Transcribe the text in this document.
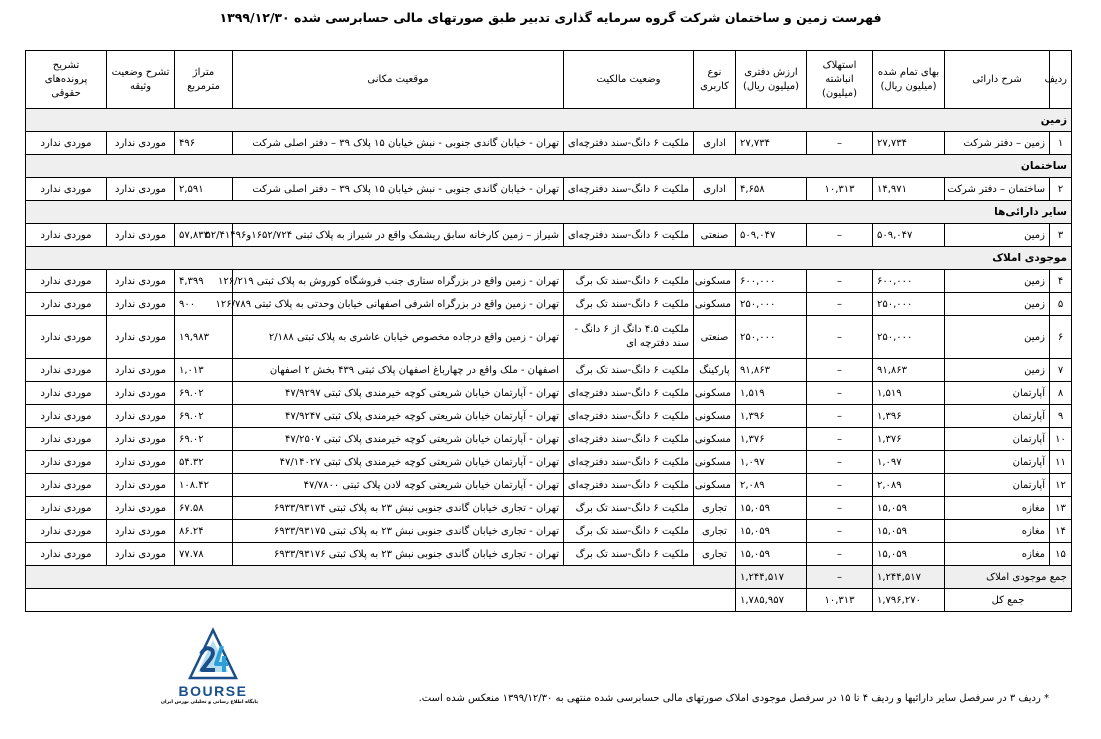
فهرست زمین و ساختمان شرکت گروه سرمایه گذاری تدبیر طبق صورتهای مالی حسابرسی شده ۱۳۹۹/۱۲/۳۰
ردیف	شرح دارائی	بهای تمام شده (میلیون ریال)	استهلاک انباشته (میلیون)	ارزش دفتری (میلیون ریال)	نوع کاربری	وضعیت مالکیت	موقعیت مکانی	متراژ مترمربع	تشرح وضعیت وثیقه	تشریح پرونده‌های حقوقی
زمین										
۱	زمین – دفتر شرکت	۲۷,۷۳۴	–	۲۷,۷۳۴	اداری	ملکیت ۶ دانگ-سند دفترچه‌ای	تهران - خیابان گاندی جنوبی - نبش خیابان ۱۵ پلاک ۳۹ – دفتر اصلی شرکت	۴۹۶	موردی ندارد	موردی ندارد
ساختمان										
۲	ساختمان – دفتر شرکت	۱۴,۹۷۱	۱۰,۳۱۳	۴,۶۵۸	اداری	ملکیت ۶ دانگ-سند دفترچه‌ای	تهران - خیابان گاندی جنوبی - نبش خیابان ۱۵ پلاک ۳۹ – دفتر اصلی شرکت	۲,۵۹۱	موردی ندارد	موردی ندارد
سایر دارائی‌ها										
۳	زمین	۵۰۹,۰۴۷	–	۵۰۹,۰۴۷	صنعتی	ملکیت ۶ دانگ-سند دفترچه‌ای	شیراز – زمین کارخانه سابق ریشمک واقع در شیراز به پلاک ثبتی ۱۶۵۲/۷۲۴و۵۲/۴۱۴۹۶	۵۷,۸۳۳	موردی ندارد	موردی ندارد
موجودی املاک										
۴	زمین	۶۰۰,۰۰۰	–	۶۰۰,۰۰۰	مسکونی	ملکیت ۶ دانگ-سند تک برگ	تهران - زمین واقع در بزرگراه ستاری جنب فروشگاه کوروش به پلاک ثبتی ۱۲۶/۲۱۹	۴,۳۹۹	موردی ندارد	موردی ندارد
۵	زمین	۲۵۰,۰۰۰	–	۲۵۰,۰۰۰	مسکونی	ملکیت ۶ دانگ-سند تک برگ	تهران - زمین واقع در بزرگراه اشرفی اصفهانی خیابان وحدتی به پلاک ثبتی ۱۲۶/۷۸۹	۹۰۰	موردی ندارد	موردی ندارد
۶	زمین	۲۵۰,۰۰۰	–	۲۵۰,۰۰۰	صنعتی	ملکیت ۴.۵ دانگ از ۶ دانگ - سند دفترچه ای	تهران - زمین واقع درجاده مخصوص خیابان عاشری به پلاک ثبتی ۲/۱۸۸	۱۹,۹۸۳	موردی ندارد	موردی ندارد
۷	زمین	۹۱,۸۶۳	–	۹۱,۸۶۳	پارکینگ	ملکیت ۶ دانگ-سند تک برگ	اصفهان - ملک واقع در چهارباغ اصفهان پلاک ثبتی ۴۳۹ بخش ۲ اصفهان	۱,۰۱۳	موردی ندارد	موردی ندارد
۸	آپارتمان	۱,۵۱۹	–	۱,۵۱۹	مسکونی	ملکیت ۶ دانگ-سند دفترچه‌ای	تهران - آپارتمان خیابان شریعتی کوچه خیرمندی پلاک ثبتی ۴۷/۹۲۹۷	۶۹.۰۲	موردی ندارد	موردی ندارد
۹	آپارتمان	۱,۳۹۶	–	۱,۳۹۶	مسکونی	ملکیت ۶ دانگ-سند دفترچه‌ای	تهران - آپارتمان خیابان شریعتی کوچه خیرمندی پلاک ثبتی ۴۷/۹۲۴۷	۶۹.۰۲	موردی ندارد	موردی ندارد
۱۰	آپارتمان	۱,۳۷۶	–	۱,۳۷۶	مسکونی	ملکیت ۶ دانگ-سند دفترچه‌ای	تهران - آپارتمان خیابان شریعتی کوچه خیرمندی پلاک ثبتی ۴۷/۲۵۰۷	۶۹.۰۲	موردی ندارد	موردی ندارد
۱۱	آپارتمان	۱,۰۹۷	–	۱,۰۹۷	مسکونی	ملکیت ۶ دانگ-سند دفترچه‌ای	تهران - آپارتمان خیابان شریعتی کوچه خیرمندی پلاک ثبتی ۴۷/۱۴۰۲۷	۵۴.۳۲	موردی ندارد	موردی ندارد
۱۲	آپارتمان	۲,۰۸۹	–	۲,۰۸۹	مسکونی	ملکیت ۶ دانگ-سند دفترچه‌ای	تهران - آپارتمان خیابان شریعتی کوچه لادن پلاک ثبتی ۴۷/۷۸۰۰	۱۰۸.۴۲	موردی ندارد	موردی ندارد
۱۳	مغازه	۱۵,۰۵۹	–	۱۵,۰۵۹	تجاری	ملکیت ۶ دانگ-سند تک برگ	تهران - تجاری خیابان گاندی جنوبی نبش ۲۳ به پلاک ثبتی ۶۹۳۳/۹۳۱۷۴	۶۷.۵۸	موردی ندارد	موردی ندارد
۱۴	مغازه	۱۵,۰۵۹	–	۱۵,۰۵۹	تجاری	ملکیت ۶ دانگ-سند تک برگ	تهران - تجاری خیابان گاندی جنوبی نبش ۲۳ به پلاک ثبتی ۶۹۳۳/۹۳۱۷۵	۸۶.۲۴	موردی ندارد	موردی ندارد
۱۵	مغازه	۱۵,۰۵۹	–	۱۵,۰۵۹	تجاری	ملکیت ۶ دانگ-سند تک برگ	تهران - تجاری خیابان گاندی جنوبی نبش ۲۳ به پلاک ثبتی ۶۹۳۳/۹۳۱۷۶	۷۷.۷۸	موردی ندارد	موردی ندارد
جمع موجودی املاک		۱,۲۴۴,۵۱۷	–	۱,۲۴۴,۵۱۷						
جمع کل		۱,۷۹۶,۲۷۰	۱۰,۳۱۳	۱,۷۸۵,۹۵۷						
BOURSE
پایگاه اطلاع رسانی و تحلیلی بورس ایران	* ردیف ۳ در سرفصل سایر دارائیها و ردیف ۴ تا ۱۵ در سرفصل موجودی املاک صورتهای مالی حسابرسی شده منتهی به ۱۳۹۹/۱۲/۳۰ منعکس شده است.
